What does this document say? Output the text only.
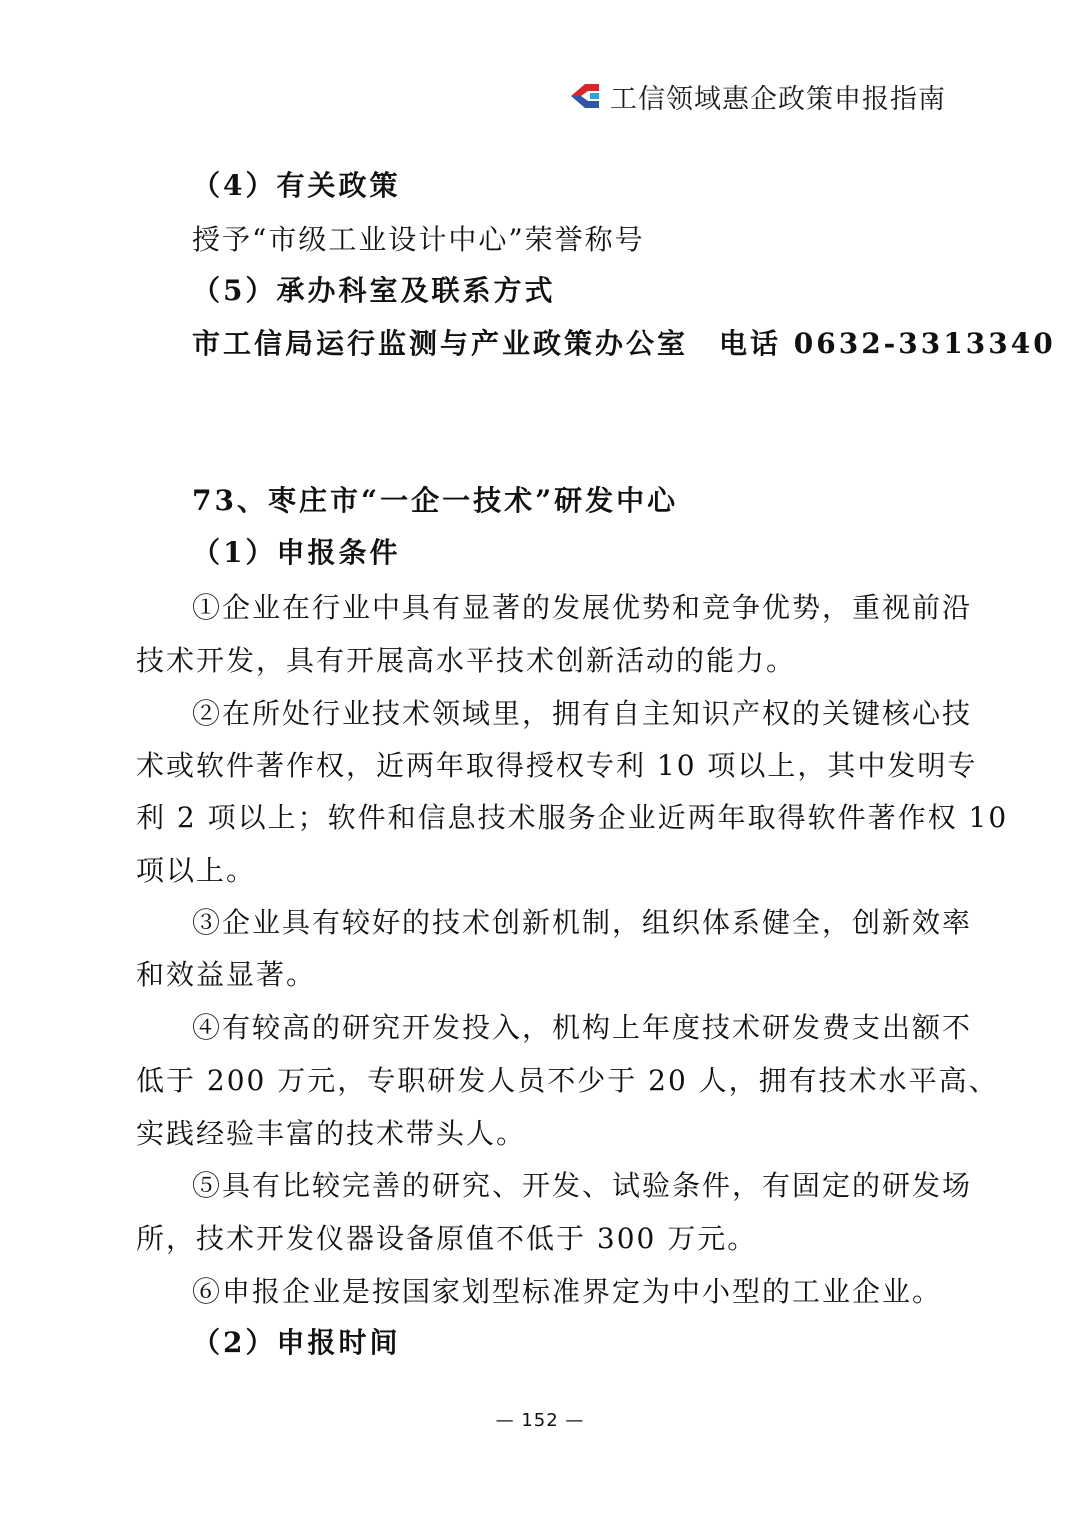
工信领域惠企政策申报指南
（4）有关政策
授予“市级工业设计中心”荣誉称号
（5）承办科室及联系方式
市工信局运行监测与产业政策办公室　电话 0632-3313340
73、枣庄市“一企一技术”研发中心
（1）申报条件
①企业在行业中具有显著的发展优势和竞争优势，重视前沿
技术开发，具有开展高水平技术创新活动的能力。
②在所处行业技术领域里，拥有自主知识产权的关键核心技
术或软件著作权，近两年取得授权专利 10 项以上，其中发明专
利 2 项以上；软件和信息技术服务企业近两年取得软件著作权 10
项以上。
③企业具有较好的技术创新机制，组织体系健全，创新效率
和效益显著。
④有较高的研究开发投入，机构上年度技术研发费支出额不
低于 200 万元，专职研发人员不少于 20 人，拥有技术水平高、
实践经验丰富的技术带头人。
⑤具有比较完善的研究、开发、试验条件，有固定的研发场
所，技术开发仪器设备原值不低于 300 万元。
⑥申报企业是按国家划型标准界定为中小型的工业企业。
（2）申报时间
— 152 —
